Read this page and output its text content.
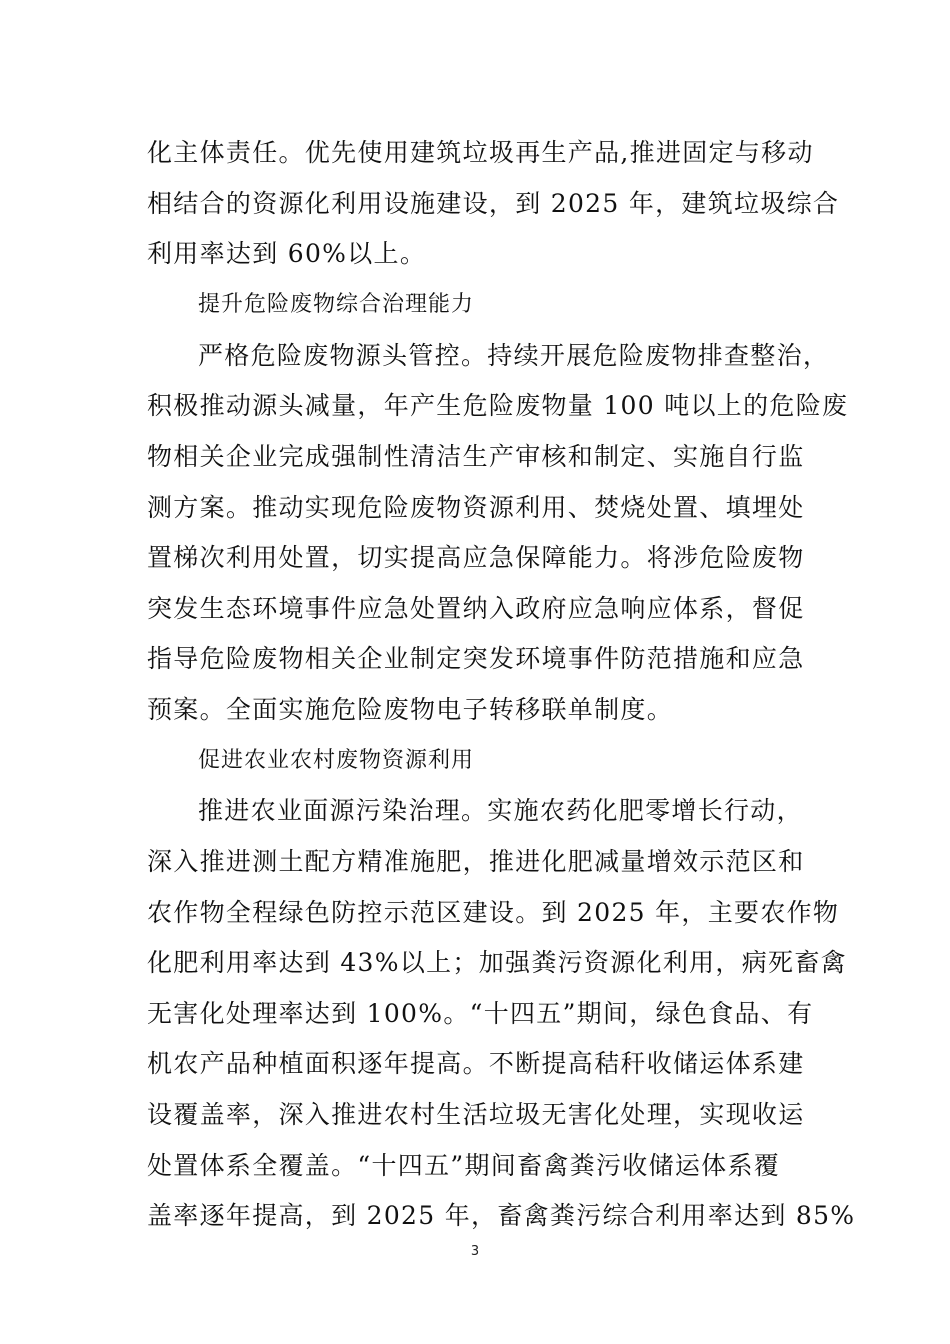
化主体责任。优先使用建筑垃圾再生产品,推进固定与移动
相结合的资源化利用设施建设，到 2025 年，建筑垃圾综合
利用率达到 60%以上。
提升危险废物综合治理能力
严格危险废物源头管控。持续开展危险废物排查整治，
积极推动源头减量，年产生危险废物量 100 吨以上的危险废
物相关企业完成强制性清洁生产审核和制定、实施自行监
测方案。推动实现危险废物资源利用、焚烧处置、填埋处
置梯次利用处置，切实提高应急保障能力。将涉危险废物
突发生态环境事件应急处置纳入政府应急响应体系，督促
指导危险废物相关企业制定突发环境事件防范措施和应急
预案。全面实施危险废物电子转移联单制度。
促进农业农村废物资源利用
推进农业面源污染治理。实施农药化肥零增长行动，
深入推进测土配方精准施肥，推进化肥减量增效示范区和
农作物全程绿色防控示范区建设。到 2025 年，主要农作物
化肥利用率达到 43%以上；加强粪污资源化利用，病死畜禽
无害化处理率达到 100%。“十四五”期间，绿色食品、有
机农产品种植面积逐年提高。不断提高秸秆收储运体系建
设覆盖率，深入推进农村生活垃圾无害化处理，实现收运
处置体系全覆盖。“十四五”期间畜禽粪污收储运体系覆
盖率逐年提高，到 2025 年，畜禽粪污综合利用率达到 85%
3
